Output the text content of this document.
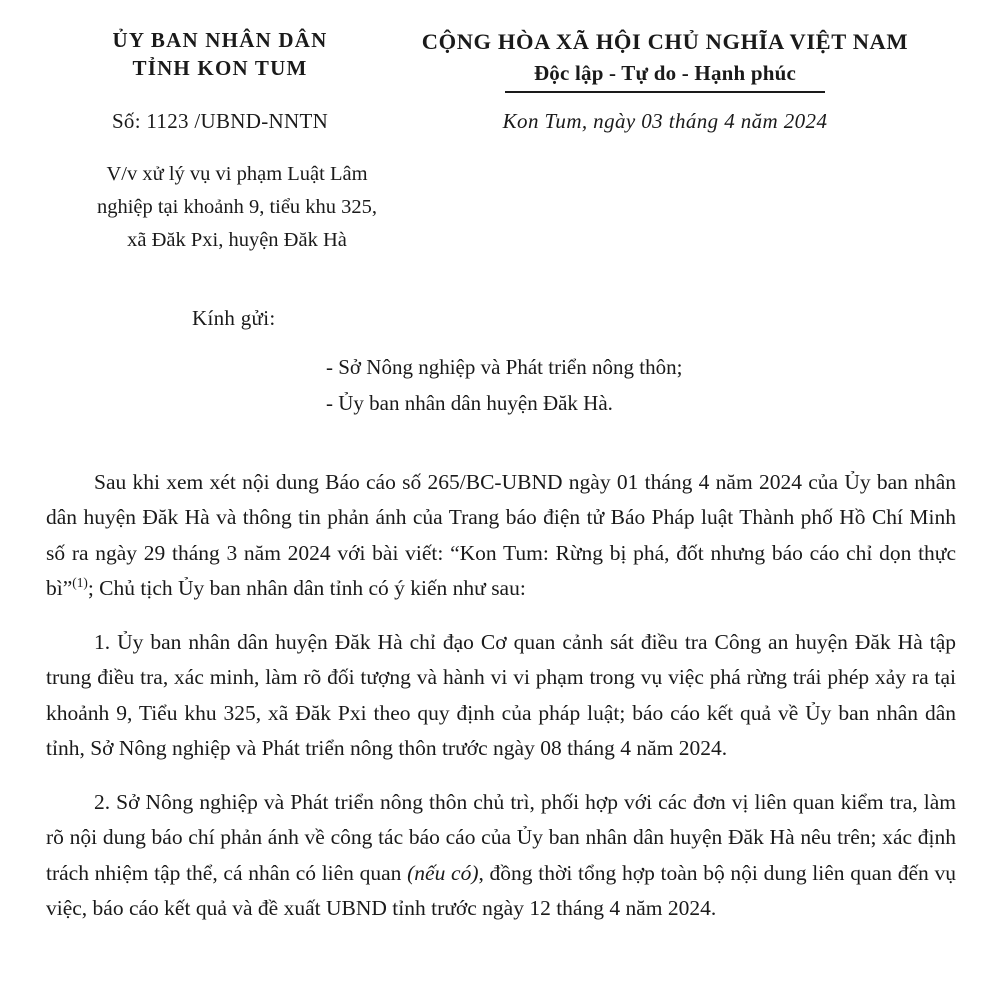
ỦY BAN NHÂN DÂN
TỈNH KON TUM
CỘNG HÒA XÃ HỘI CHỦ NGHĨA VIỆT NAM
Độc lập - Tự do - Hạnh phúc
Số: 1123 /UBND-NNTN	Kon Tum, ngày 03 tháng 4 năm 2024
V/v xử lý vụ vi phạm Luật Lâm
nghiệp tại khoảnh 9, tiểu khu 325,
xã Đăk Pxi, huyện Đăk Hà
Kính gửi:
- Sở Nông nghiệp và Phát triển nông thôn;
- Ủy ban nhân dân huyện Đăk Hà.

Sau khi xem xét nội dung Báo cáo số 265/BC-UBND ngày 01 tháng 4 năm 2024 của Ủy ban nhân dân huyện Đăk Hà và thông tin phản ánh của Trang báo điện tử Báo Pháp luật Thành phố Hồ Chí Minh số ra ngày 29 tháng 3 năm 2024 với bài viết: “Kon Tum: Rừng bị phá, đốt nhưng báo cáo chỉ dọn thực bì”$^{(1)}$; Chủ tịch Ủy ban nhân dân tỉnh có ý kiến như sau:

1. Ủy ban nhân dân huyện Đăk Hà chỉ đạo Cơ quan cảnh sát điều tra Công an huyện Đăk Hà tập trung điều tra, xác minh, làm rõ đối tượng và hành vi vi phạm trong vụ việc phá rừng trái phép xảy ra tại khoảnh 9, Tiểu khu 325, xã Đăk Pxi theo quy định của pháp luật; báo cáo kết quả về Ủy ban nhân dân tỉnh, Sở Nông nghiệp và Phát triển nông thôn trước ngày 08 tháng 4 năm 2024.

2. Sở Nông nghiệp và Phát triển nông thôn chủ trì, phối hợp với các đơn vị liên quan kiểm tra, làm rõ nội dung báo chí phản ánh về công tác báo cáo của Ủy ban nhân dân huyện Đăk Hà nêu trên; xác định trách nhiệm tập thể, cá nhân có liên quan (nếu có), đồng thời tổng hợp toàn bộ nội dung liên quan đến vụ việc, báo cáo kết quả và đề xuất UBND tỉnh trước ngày 12 tháng 4 năm 2024.
